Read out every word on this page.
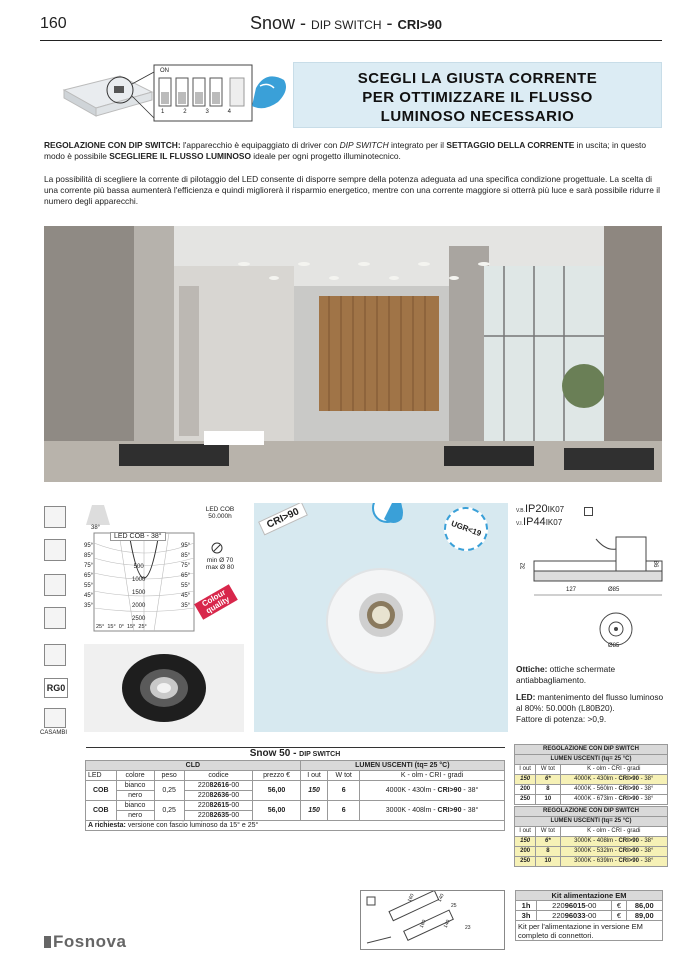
160	Snow - DIP SWITCH - CRI>90
ON
1	2	3	4
SCEGLI LA GIUSTA CORRENTE
PER OTTIMIZZARE IL FLUSSO
LUMINOSO NECESSARIO
REGOLAZIONE CON DIP SWITCH: l'apparecchio è equipaggiato di driver con DIP SWITCH integrato per il SETTAGGIO DELLA CORRENTE in uscita; in questo modo è possibile SCEGLIERE IL FLUSSO LUMINOSO ideale per ogni progetto illuminotecnico.
La possibilità di scegliere la corrente di pilotaggio del LED consente di disporre sempre della potenza adeguata ad una specifica condizione progettuale. La scelta di una corrente più bassa aumenterà l'efficienza e quindi migliorerà il risparmio energetico, mentre con una corrente maggiore si otterrà più luce e sarà possibile ridurre il numero degli apparecchi.
RG0
CASAMBI
38°
LED COB - 38°
LED COB
50.000h
min Ø 70
max Ø 80
Colour quality
95°
85°
75°
65°
55°
45°
35°
95°
85°
75°
65°
55°
45°
35°
500
1000
1500
2000
2500
25°  15°  0°  15°  25°
CRI>90	UGR<19
V.B.IP20IK07
V.I.IP44IK07
32	98
127	Ø85
Ø85
Ottiche: ottiche schermate antiabbagliamento.
LED: mantenimento del flusso luminoso al 80%: 50.000h (L80B20).
Fattore di potenza: >0,9.
Snow 50 - DIP SWITCH							
CLD					LUMEN USCENTI (tq= 25 °C)		
LED	colore	peso	codice	prezzo €	I out	W tot	K - olm - CRI - gradi
COB	bianco	0,25	22082616-00	56,00	150	6	4000K - 430lm - CRI>90 - 38°
	nero		22082636-00				
COB	bianco	0,25	22082615-00	56,00	150	6	3000K - 408lm - CRI>90 - 38°
	nero		22082635-00				
A richiesta: versione con fascio luminoso da 15° e 25°							
REGOLAZIONE CON DIP SWITCH		
LUMEN USCENTI (tq= 25 °C)		
I out	W tot	K - olm - CRI - gradi
150	6*	4000K - 430lm - CRI>90 - 38°
200	8	4000K - 560lm - CRI>90 - 38°
250	10	4000K - 673lm - CRI>90 - 38°
REGOLAZIONE CON DIP SWITCH		
LUMEN USCENTI (tq= 25 °C)		
I out	W tot	K - olm - CRI - gradi
150	6*	3000K - 408lm - CRI>90 - 38°
200	8	3000K - 532lm - CRI>90 - 38°
250	10	3000K - 639lm - CRI>90 - 38°
160	140
25
160	140	23
Kit alimentazione EM			
1h	22096015-00	€	86,00
3h	22096033-00	€	89,00
Kit per l'alimentazione in versione EM completo di connettori.			
Fosnova
